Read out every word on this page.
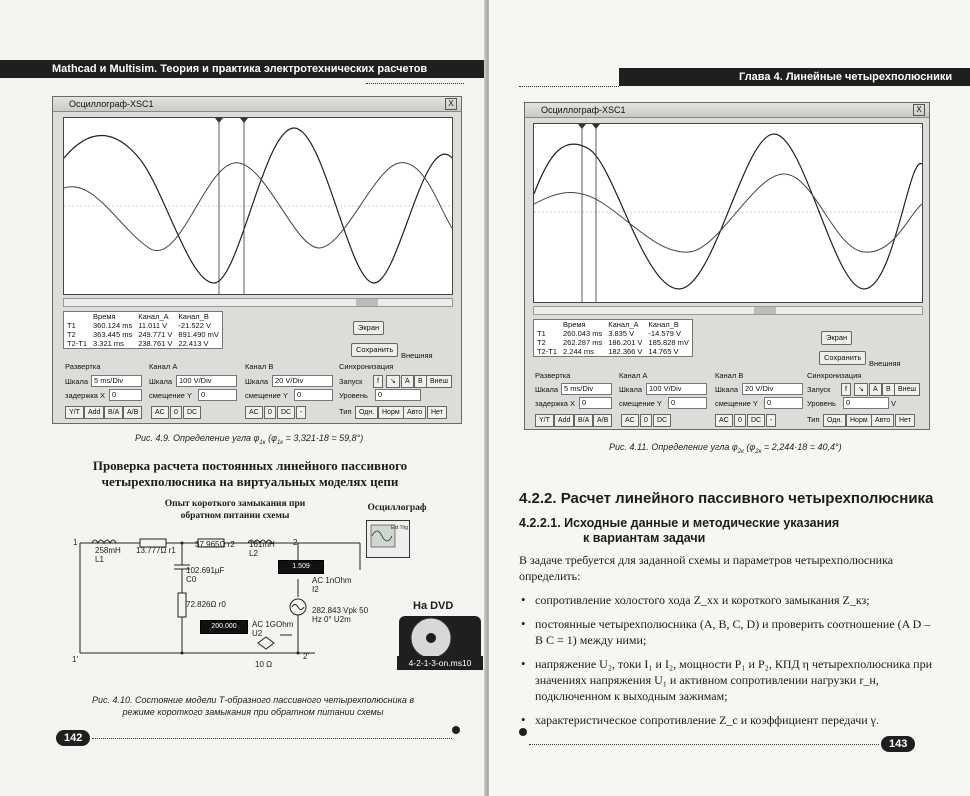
Mathcad и Multisim. Теория и практика электротехнических расчетов
Осциллограф-XSC1	X
	Время	Канал_А	Канал_В
T1	360.124 ms	11.011 V	-21.522 V
T2	363.445 ms	249.771 V	891.490 mV
T2-T1	3.321 ms	238.761 V	22.413 V
Экран
Сохранить
Внешняя
Развертка
Шкала 5 ms/Div
задержка X 0
Канал А
Шкала 100 V/Div
смещение Y	0
Канал В
Шкала 20 V/Div
смещение Y	0
Синхронизация
Запуск	f	↘	A	B	Внеш
Уровень	0
Y/T	Add	B/A	A/B	AC	0	DC	AC	0	DC	-	Тип	Одн.	Норм	Авто	Нет
Рис. 4.9. Определение угла $\varphi_{1к}$ $(\varphi_{1к} = 3,321\cdot 18 = 59,8^\circ)$
Проверка расчета постоянных линейного пассивного четырехполюсника на виртуальных моделях цепи
Опыт короткого замыкания при обратном питании схемы
Осциллограф
1
1'
2
2'
258mH L1
13.777Ω r1
37.965Ω r2 161mH L2
102.691μF C0
72.826Ω r0
1.509
AC 1nOhm I2
200.000	AC 1GOhm U2
282.843 Vpk 50 Hz 0° U2m
10 Ω
Ext Trig
На DVD
4-2-1-3-on.ms10
Рис. 4.10. Состояние модели Т-образного пассивного четырехполюсника в режиме короткого замыкания при обратном питании схемы
142
Глава 4. Линейные четырехполюсники
Осциллограф-XSC1	X
	Время	Канал_А	Канал_В
T1	260.043 ms	3.835 V	-14.579 V
T2	262.287 ms	186.201 V	185.828 mV
T2-T1	2.244 ms	182.366 V	14.765 V
Экран
Сохранить
Внешняя
Развертка
Шкала 5 ms/Div
задержка X 0
Канал А
Шкала 100 V/Div
смещение Y	0
Канал В
Шкала 20 V/Div
смещение Y	0
Синхронизация
Запуск	f	↘	A	B	Внеш
Уровень	0	V
Y/T	Add	B/A	A/B	AC	0	DC	AC	0	DC	-	Тип	Одн.	Норм	Авто	Нет
Рис. 4.11. Определение угла $\varphi_{2к}$ $(\varphi_{2к} = 2,244\cdot 18 = 40,4^\circ)$
4.2.2. Расчет линейного пассивного четырехполюсника
4.2.2.1. Исходные данные и методические указания
к вариантам задачи
В задаче требуется для заданной схемы и параметров четырехполюсника определить:
• сопротивление холостого хода Z_хх и короткого замыкания Z_кз;
• постоянные четырехполюсника (A, B, C, D) и проверить соотношение (A D – B C = 1) между ними;
• напряжение U₂, токи I₁ и I₂, мощности P₁ и P₂, КПД η четырехполюсника при значениях напряжения U₁ и активном сопротивлении нагрузки r_н, подключенном к выходным зажимам;
• характеристическое сопротивление Z_c и коэффициент передачи γ.
143
